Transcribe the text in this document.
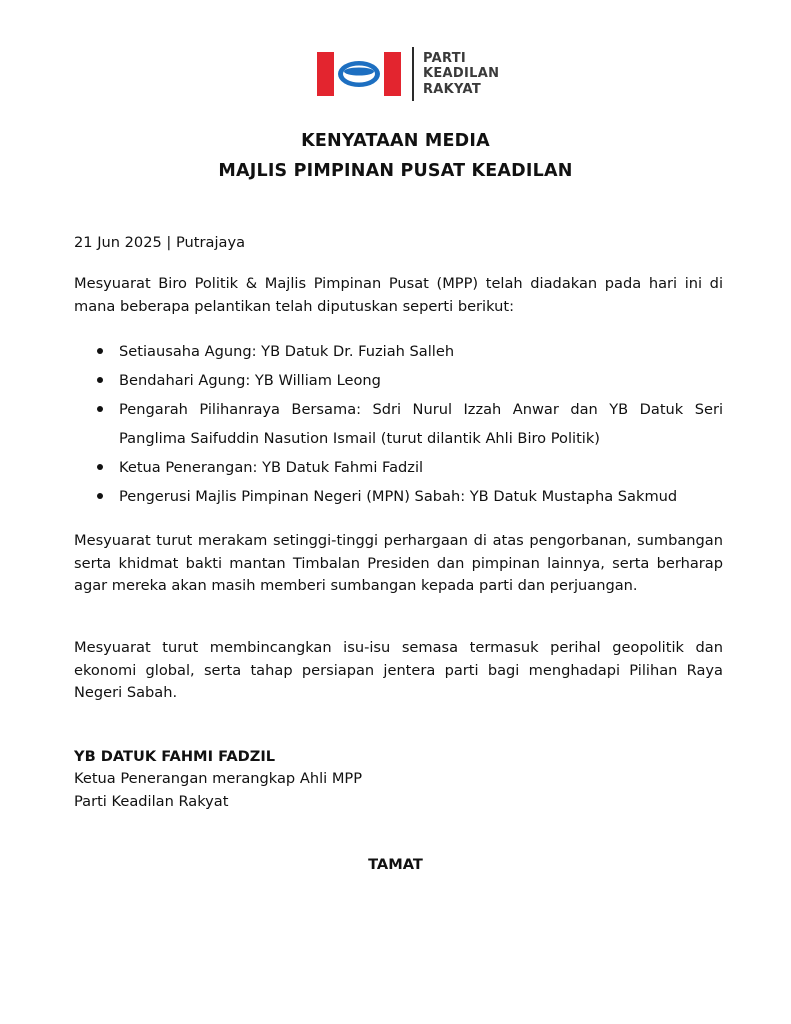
PARTI
KEADILAN
RAKYAT
KENYATAAN MEDIA
MAJLIS PIMPINAN PUSAT KEADILAN

21 Jun 2025 | Putrajaya

Mesyuarat Biro Politik & Majlis Pimpinan Pusat (MPP) telah diadakan pada hari ini di mana beberapa pelantikan telah diputuskan seperti berikut:

Setiausaha Agung: YB Datuk Dr. Fuziah Salleh
Bendahari Agung: YB William Leong
Pengarah Pilihanraya Bersama: Sdri Nurul Izzah Anwar dan YB Datuk Seri Panglima Saifuddin Nasution Ismail (turut dilantik Ahli Biro Politik)
Ketua Penerangan: YB Datuk Fahmi Fadzil
Pengerusi Majlis Pimpinan Negeri (MPN) Sabah: YB Datuk Mustapha Sakmud

Mesyuarat turut merakam setinggi-tinggi perhargaan di atas pengorbanan, sumbangan serta khidmat bakti mantan Timbalan Presiden dan pimpinan lainnya, serta berharap agar mereka akan masih memberi sumbangan kepada parti dan perjuangan.

Mesyuarat turut membincangkan isu-isu semasa termasuk perihal geopolitik dan ekonomi global, serta tahap persiapan jentera parti bagi menghadapi Pilihan Raya Negeri Sabah.

YB DATUK FAHMI FADZIL

Ketua Penerangan merangkap Ahli MPP

Parti Keadilan Rakyat

TAMAT
